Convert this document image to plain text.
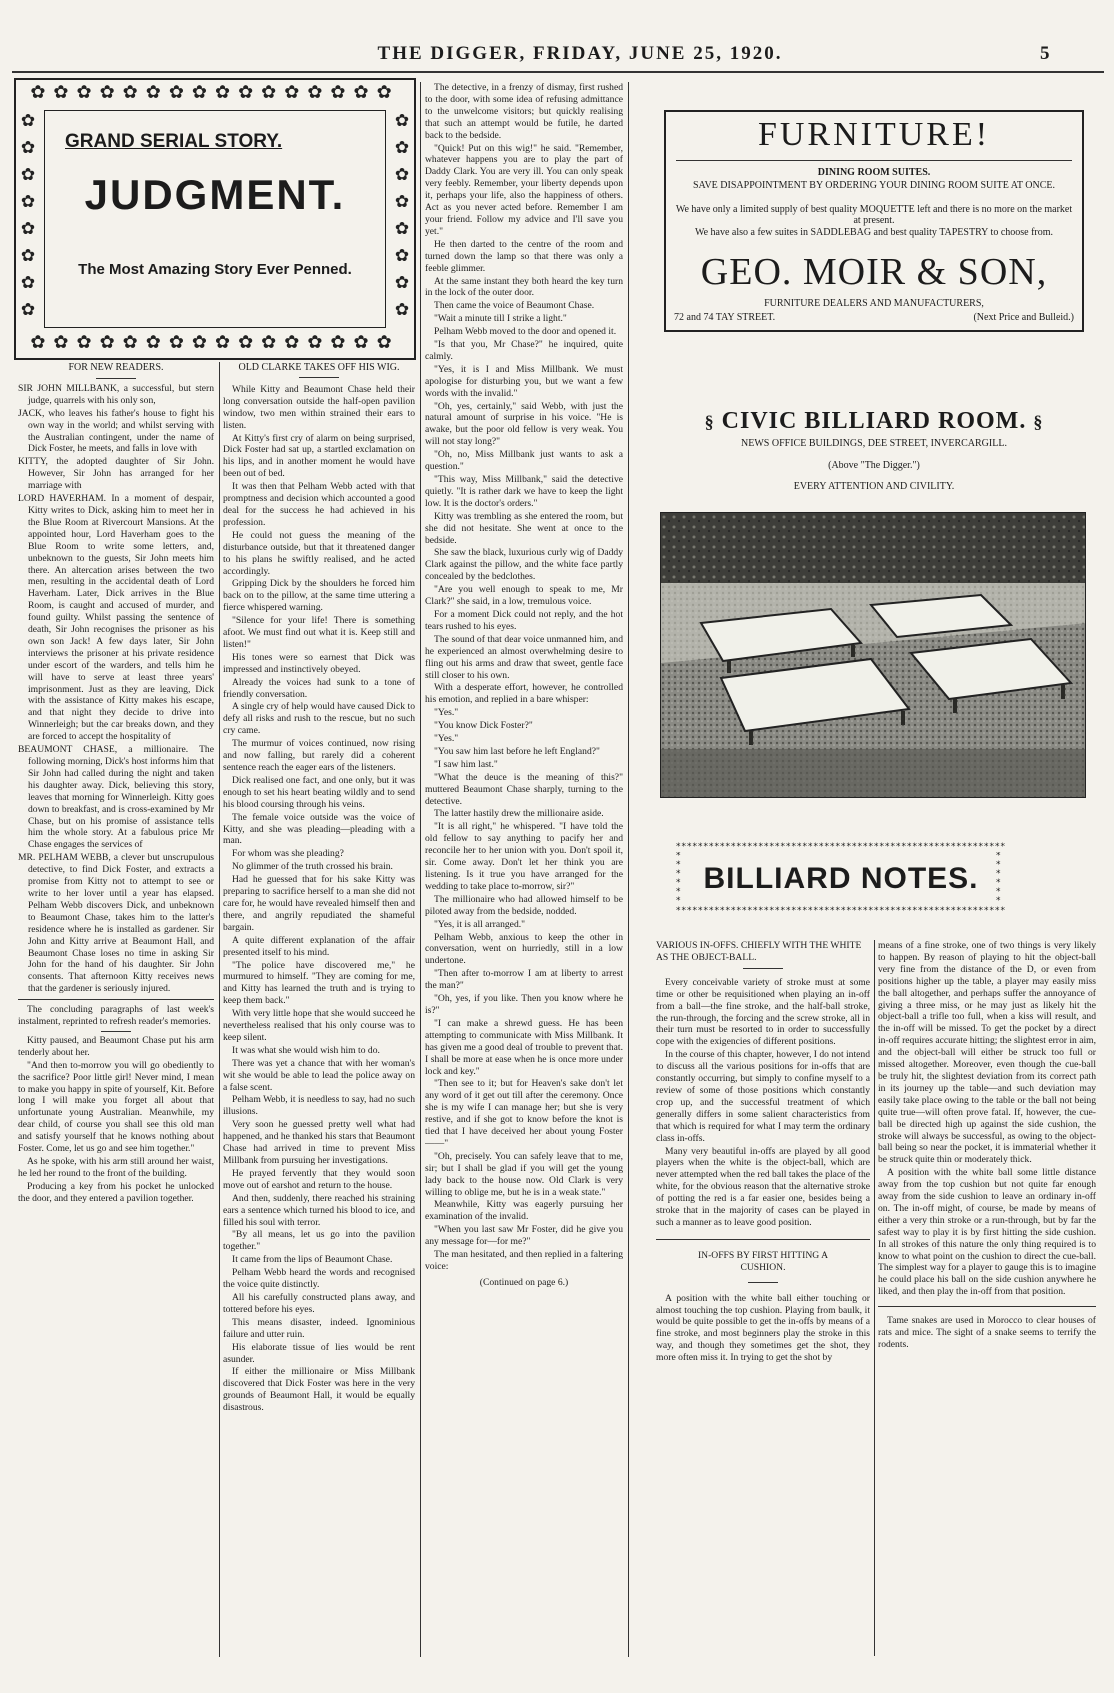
THE DIGGER, FRIDAY, JUNE 25, 1920.	5
✿✿✿✿✿✿✿✿✿✿✿✿✿✿✿✿
✿✿✿✿✿✿✿✿✿✿✿✿✿✿✿✿
✿
✿
✿
✿
✿
✿
✿
✿
✿
✿
✿
✿
✿
✿
✿
✿
GRAND SERIAL STORY.
JUDGMENT.
The Most Amazing Story Ever Penned.
FOR NEW READERS.

SIR JOHN MILLBANK, a successful, but stern judge, quarrels with his only son,

JACK, who leaves his father's house to fight his own way in the world; and whilst serving with the Australian contingent, under the name of Dick Foster, he meets, and falls in love with

KITTY, the adopted daughter of Sir John. However, Sir John has arranged for her marriage with

LORD HAVERHAM. In a moment of despair, Kitty writes to Dick, asking him to meet her in the Blue Room at Rivercourt Mansions. At the appointed hour, Lord Haverham goes to the Blue Room to write some letters, and, unbeknown to the guests, Sir John meets him there. An altercation arises between the two men, resulting in the accidental death of Lord Haverham. Later, Dick arrives in the Blue Room, is caught and accused of murder, and found guilty. Whilst passing the sentence of death, Sir John recognises the prisoner as his own son Jack! A few days later, Sir John interviews the prisoner at his private residence under escort of the warders, and tells him he will have to serve at least three years' imprisonment. Just as they are leaving, Dick with the assistance of Kitty makes his escape, and that night they decide to drive into Winnerleigh; but the car breaks down, and they are forced to accept the hospitality of

BEAUMONT CHASE, a millionaire. The following morning, Dick's host informs him that Sir John had called during the night and taken his daughter away. Dick, believing this story, leaves that morning for Winnerleigh. Kitty goes down to breakfast, and is cross-examined by Mr Chase, but on his promise of assistance tells him the whole story. At a fabulous price Mr Chase engages the services of

MR. PELHAM WEBB, a clever but unscrupulous detective, to find Dick Foster, and extracts a promise from Kitty not to attempt to see or write to her lover until a year has elapsed. Pelham Webb discovers Dick, and unbeknown to Beaumont Chase, takes him to the latter's residence where he is installed as gardener. Sir John and Kitty arrive at Beaumont Hall, and Beaumont Chase loses no time in asking Sir John for the hand of his daughter. Sir John consents. That afternoon Kitty receives news that the gardener is seriously injured.

The concluding paragraphs of last week's instalment, reprinted to refresh reader's memories.

Kitty paused, and Beaumont Chase put his arm tenderly about her.

"And then to-morrow you will go obediently to the sacrifice? Poor little girl! Never mind, I mean to make you happy in spite of yourself, Kit. Before long I will make you forget all about that unfortunate young Australian. Meanwhile, my dear child, of course you shall see this old man and satisfy yourself that he knows nothing about Foster. Come, let us go and see him together."

As he spoke, with his arm still around her waist, he led her round to the front of the building.

Producing a key from his pocket he unlocked the door, and they entered a pavilion together.

OLD CLARKE TAKES OFF HIS WIG.

While Kitty and Beaumont Chase held their long conversation outside the half-open pavilion window, two men within strained their ears to listen.

At Kitty's first cry of alarm on being surprised, Dick Foster had sat up, a startled exclamation on his lips, and in another moment he would have been out of bed.

It was then that Pelham Webb acted with that promptness and decision which accounted a good deal for the success he had achieved in his profession.

He could not guess the meaning of the disturbance outside, but that it threatened danger to his plans he swiftly realised, and he acted accordingly.

Gripping Dick by the shoulders he forced him back on to the pillow, at the same time uttering a fierce whispered warning.

"Silence for your life! There is something afoot. We must find out what it is. Keep still and listen!"

His tones were so earnest that Dick was impressed and instinctively obeyed.

Already the voices had sunk to a tone of friendly conversation.

A single cry of help would have caused Dick to defy all risks and rush to the rescue, but no such cry came.

The murmur of voices continued, now rising and now falling, but rarely did a coherent sentence reach the eager ears of the listeners.

Dick realised one fact, and one only, but it was enough to set his heart beating wildly and to send his blood coursing through his veins.

The female voice outside was the voice of Kitty, and she was pleading—pleading with a man.

For whom was she pleading?

No glimmer of the truth crossed his brain.

Had he guessed that for his sake Kitty was preparing to sacrifice herself to a man she did not care for, he would have revealed himself then and there, and angrily repudiated the shameful bargain.

A quite different explanation of the affair presented itself to his mind.

"The police have discovered me," he murmured to himself. "They are coming for me, and Kitty has learned the truth and is trying to keep them back."

With very little hope that she would succeed he nevertheless realised that his only course was to keep silent.

It was what she would wish him to do.

There was yet a chance that with her woman's wit she would be able to lead the police away on a false scent.

Pelham Webb, it is needless to say, had no such illusions.

Very soon he guessed pretty well what had happened, and he thanked his stars that Beaumont Chase had arrived in time to prevent Miss Millbank from pursuing her investigations.

He prayed fervently that they would soon move out of earshot and return to the house.

And then, suddenly, there reached his straining ears a sentence which turned his blood to ice, and filled his soul with terror.

"By all means, let us go into the pavilion together."

It came from the lips of Beaumont Chase.

Pelham Webb heard the words and recognised the voice quite distinctly.

All his carefully constructed plans away, and tottered before his eyes.

This means disaster, indeed. Ignominious failure and utter ruin.

His elaborate tissue of lies would be rent asunder.

If either the millionaire or Miss Millbank discovered that Dick Foster was here in the very grounds of Beaumont Hall, it would be equally disastrous.

The detective, in a frenzy of dismay, first rushed to the door, with some idea of refusing admittance to the unwelcome visitors; but quickly realising that such an attempt would be futile, he darted back to the bedside.

"Quick! Put on this wig!" he said. "Remember, whatever happens you are to play the part of Daddy Clark. You are very ill. You can only speak very feebly. Remember, your liberty depends upon it, perhaps your life, also the happiness of others. Act as you never acted before. Remember I am your friend. Follow my advice and I'll save you yet."

He then darted to the centre of the room and turned down the lamp so that there was only a feeble glimmer.

At the same instant they both heard the key turn in the lock of the outer door.

Then came the voice of Beaumont Chase.

"Wait a minute till I strike a light."

Pelham Webb moved to the door and opened it.

"Is that you, Mr Chase?" he inquired, quite calmly.

"Yes, it is I and Miss Millbank. We must apologise for disturbing you, but we want a few words with the invalid."

"Oh, yes, certainly," said Webb, with just the natural amount of surprise in his voice. "He is awake, but the poor old fellow is very weak. You will not stay long?"

"Oh, no, Miss Millbank just wants to ask a question."

"This way, Miss Millbank," said the detective quietly. "It is rather dark we have to keep the light low. It is the doctor's orders."

Kitty was trembling as she entered the room, but she did not hesitate. She went at once to the bedside.

She saw the black, luxurious curly wig of Daddy Clark against the pillow, and the white face partly concealed by the bedclothes.

"Are you well enough to speak to me, Mr Clark?" she said, in a low, tremulous voice.

For a moment Dick could not reply, and the hot tears rushed to his eyes.

The sound of that dear voice unmanned him, and he experienced an almost overwhelming desire to fling out his arms and draw that sweet, gentle face still closer to his own.

With a desperate effort, however, he controlled his emotion, and replied in a bare whisper:

"Yes."

"You know Dick Foster?"

"Yes."

"You saw him last before he left England?"

"I saw him last."

"What the deuce is the meaning of this?" muttered Beaumont Chase sharply, turning to the detective.

The latter hastily drew the millionaire aside.

"It is all right," he whispered. "I have told the old fellow to say anything to pacify her and reconcile her to her union with you. Don't spoil it, sir. Come away. Don't let her think you are listening. Is it true you have arranged for the wedding to take place to-morrow, sir?"

The millionaire who had allowed himself to be piloted away from the bedside, nodded.

"Yes, it is all arranged."

Pelham Webb, anxious to keep the other in conversation, went on hurriedly, still in a low undertone.

"Then after to-morrow I am at liberty to arrest the man?"

"Oh, yes, if you like. Then you know where he is?"

"I can make a shrewd guess. He has been attempting to communicate with Miss Millbank. It has given me a good deal of trouble to prevent that. I shall be more at ease when he is once more under lock and key."

"Then see to it; but for Heaven's sake don't let any word of it get out till after the ceremony. Once she is my wife I can manage her; but she is very restive, and if she got to know before the knot is tied that I have deceived her about young Foster——"

"Oh, precisely. You can safely leave that to me, sir; but I shall be glad if you will get the young lady back to the house now. Old Clark is very willing to oblige me, but he is in a weak state."

Meanwhile, Kitty was eagerly pursuing her examination of the invalid.

"When you last saw Mr Foster, did he give you any message for—for me?"

The man hesitated, and then replied in a faltering voice:

(Continued on page 6.)
FURNITURE!
DINING ROOM SUITES.
SAVE DISAPPOINTMENT BY ORDERING YOUR DINING ROOM SUITE AT ONCE.
We have only a limited supply of best quality MOQUETTE left and there is no more on the market at present.
We have also a few suites in SADDLEBAG and best quality TAPESTRY to choose from.
GEO. MOIR & SON,
FURNITURE DEALERS AND MANUFACTURERS,
72 and 74 TAY STREET.	(Next Price and Bulleid.)
§ CIVIC BILLIARD ROOM. §
NEWS OFFICE BUILDINGS, DEE STREET, INVERCARGILL.
(Above "The Digger.")
EVERY ATTENTION AND CIVILITY.
************************************************************
************************************************************
*
*
*
*
*
*
*
*
*
*
*
*
BILLIARD NOTES.

VARIOUS IN-OFFS. CHIEFLY WITH THE WHITE AS THE OBJECT-BALL.

Every conceivable variety of stroke must at some time or other be requisitioned when playing an in-off from a ball—the fine stroke, and the half-ball stroke, the run-through, the forcing and the screw stroke, all in their turn must be resorted to in order to successfully cope with the exigencies of different positions.

In the course of this chapter, however, I do not intend to discuss all the various positions for in-offs that are constantly occurring, but simply to confine myself to a review of some of those positions which constantly crop up, and the successful treatment of which generally differs in some salient characteristics from that which is required for what I may term the ordinary class in-offs.

Many very beautiful in-offs are played by all good players when the white is the object-ball, which are never attempted when the red ball takes the place of the white, for the obvious reason that the alternative stroke of potting the red is a far easier one, besides being a stroke that in the majority of cases can be played in such a manner as to leave good position.

IN-OFFS BY FIRST HITTING A CUSHION.

A position with the white ball either touching or almost touching the top cushion. Playing from baulk, it would be quite possible to get the in-offs by means of a fine stroke, and most beginners play the stroke in this way, and though they sometimes get the shot, they more often miss it. In trying to get the shot by

means of a fine stroke, one of two things is very likely to happen. By reason of playing to hit the object-ball very fine from the distance of the D, or even from positions higher up the table, a player may easily miss the ball altogether, and perhaps suffer the annoyance of giving a three miss, or he may just as likely hit the object-ball a trifle too full, when a kiss will result, and the in-off will be missed. To get the pocket by a direct in-off requires accurate hitting; the slightest error in aim, and the object-ball will either be struck too full or missed altogether. Moreover, even though the cue-ball be truly hit, the slightest deviation from its correct path in its journey up the table—and such deviation may easily take place owing to the table or the ball not being quite true—will often prove fatal. If, however, the cue-ball be directed high up against the side cushion, the stroke will always be successful, as owing to the object-ball being so near the pocket, it is immaterial whether it be struck quite thin or moderately thick.

A position with the white ball some little distance away from the top cushion but not quite far enough away from the side cushion to leave an ordinary in-off on. The in-off might, of course, be made by means of either a very thin stroke or a run-through, but by far the safest way to play it is by first hitting the side cushion. In all strokes of this nature the only thing required is to know to what point on the cushion to direct the cue-ball. The simplest way for a player to gauge this is to imagine he could place his ball on the side cushion anywhere he liked, and then play the in-off from that position.

Tame snakes are used in Morocco to clear houses of rats and mice. The sight of a snake seems to terrify the rodents.
